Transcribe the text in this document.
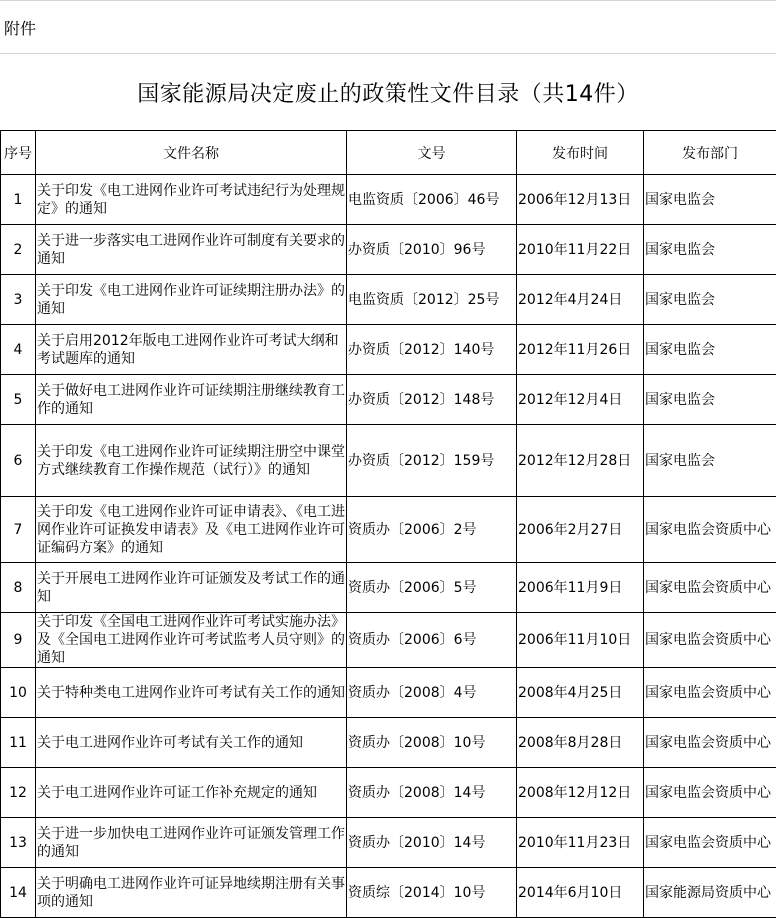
附件
国家能源局决定废止的政策性文件目录（共14件）
序号	文件名称	文号	发布时间	发布部门
1	关于印发《电工进网作业许可考试违纪行为处理规定》的通知	电监资质〔2006〕46号	2006年12月13日	国家电监会
2	关于进一步落实电工进网作业许可制度有关要求的通知	办资质〔2010〕96号	2010年11月22日	国家电监会
3	关于印发《电工进网作业许可证续期注册办法》的通知	电监资质〔2012〕25号	2012年4月24日	国家电监会
4	关于启用2012年版电工进网作业许可考试大纲和考试题库的通知	办资质〔2012〕140号	2012年11月26日	国家电监会
5	关于做好电工进网作业许可证续期注册继续教育工作的通知	办资质〔2012〕148号	2012年12月4日	国家电监会
6	关于印发《电工进网作业许可证续期注册空中课堂方式继续教育工作操作规范（试行）》的通知	办资质〔2012〕159号	2012年12月28日	国家电监会
7	关于印发《电工进网作业许可证申请表》、《电工进网作业许可证换发申请表》及《电工进网作业许可证编码方案》的通知	资质办〔2006〕2号	2006年2月27日	国家电监会资质中心
8	关于开展电工进网作业许可证颁发及考试工作的通知	资质办〔2006〕5号	2006年11月9日	国家电监会资质中心
9	关于印发《全国电工进网作业许可考试实施办法》及《全国电工进网作业许可考试监考人员守则》的通知	资质办〔2006〕6号	2006年11月10日	国家电监会资质中心
10	关于特种类电工进网作业许可考试有关工作的通知	资质办〔2008〕4号	2008年4月25日	国家电监会资质中心
11	关于电工进网作业许可考试有关工作的通知	资质办〔2008〕10号	2008年8月28日	国家电监会资质中心
12	关于电工进网作业许可证工作补充规定的通知	资质办〔2008〕14号	2008年12月12日	国家电监会资质中心
13	关于进一步加快电工进网作业许可证颁发管理工作的通知	资质办〔2010〕14号	2010年11月23日	国家电监会资质中心
14	关于明确电工进网作业许可证异地续期注册有关事项的通知	资质综〔2014〕10号	2014年6月10日	国家能源局资质中心
